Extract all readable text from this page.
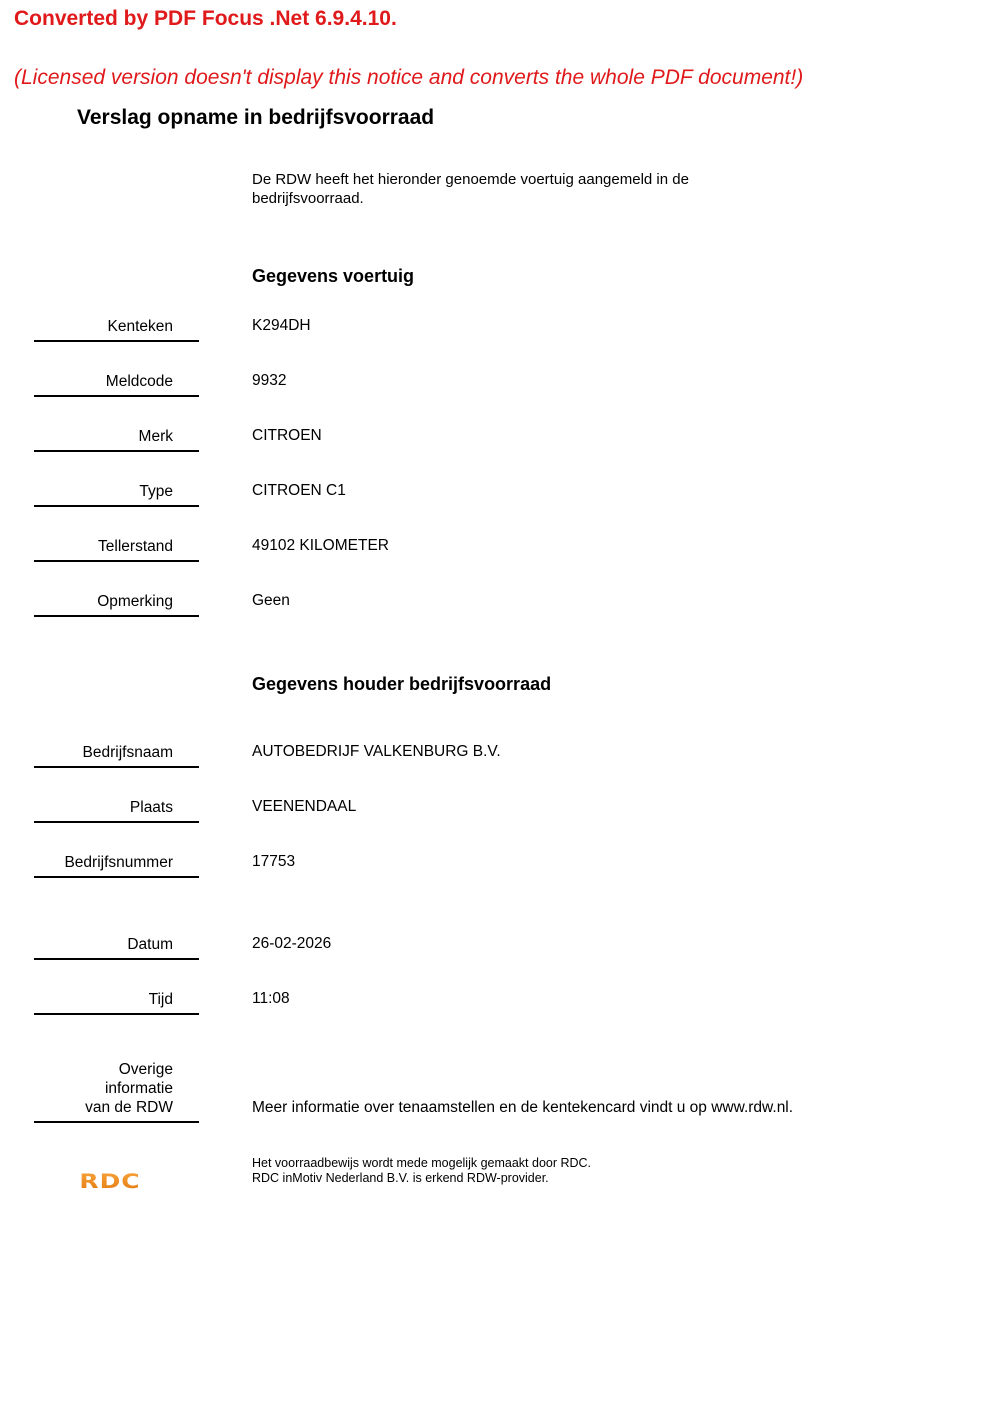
Converted by PDF Focus .Net 6.9.4.10.
(Licensed version doesn't display this notice and converts the whole PDF document!)
Verslag opname in bedrijfsvoorraad
De RDW heeft het hieronder genoemde voertuig aangemeld in de bedrijfsvoorraad.
Gegevens voertuig
Kenteken	K294DH
Meldcode	9932
Merk	CITROEN
Type	CITROEN C1
Tellerstand	49102 KILOMETER
Opmerking	Geen
Gegevens houder bedrijfsvoorraad
Bedrijfsnaam	AUTOBEDRIJF VALKENBURG B.V.
Plaats	VEENENDAAL
Bedrijfsnummer	17753
Datum	26-02-2026
Tijd	11:08
Overige
informatie
van de RDW	Meer informatie over tenaamstellen en de kentekencard vindt u op www.rdw.nl.
RDC
Het voorraadbewijs wordt mede mogelijk gemaakt door RDC.
RDC inMotiv Nederland B.V. is erkend RDW-provider.
